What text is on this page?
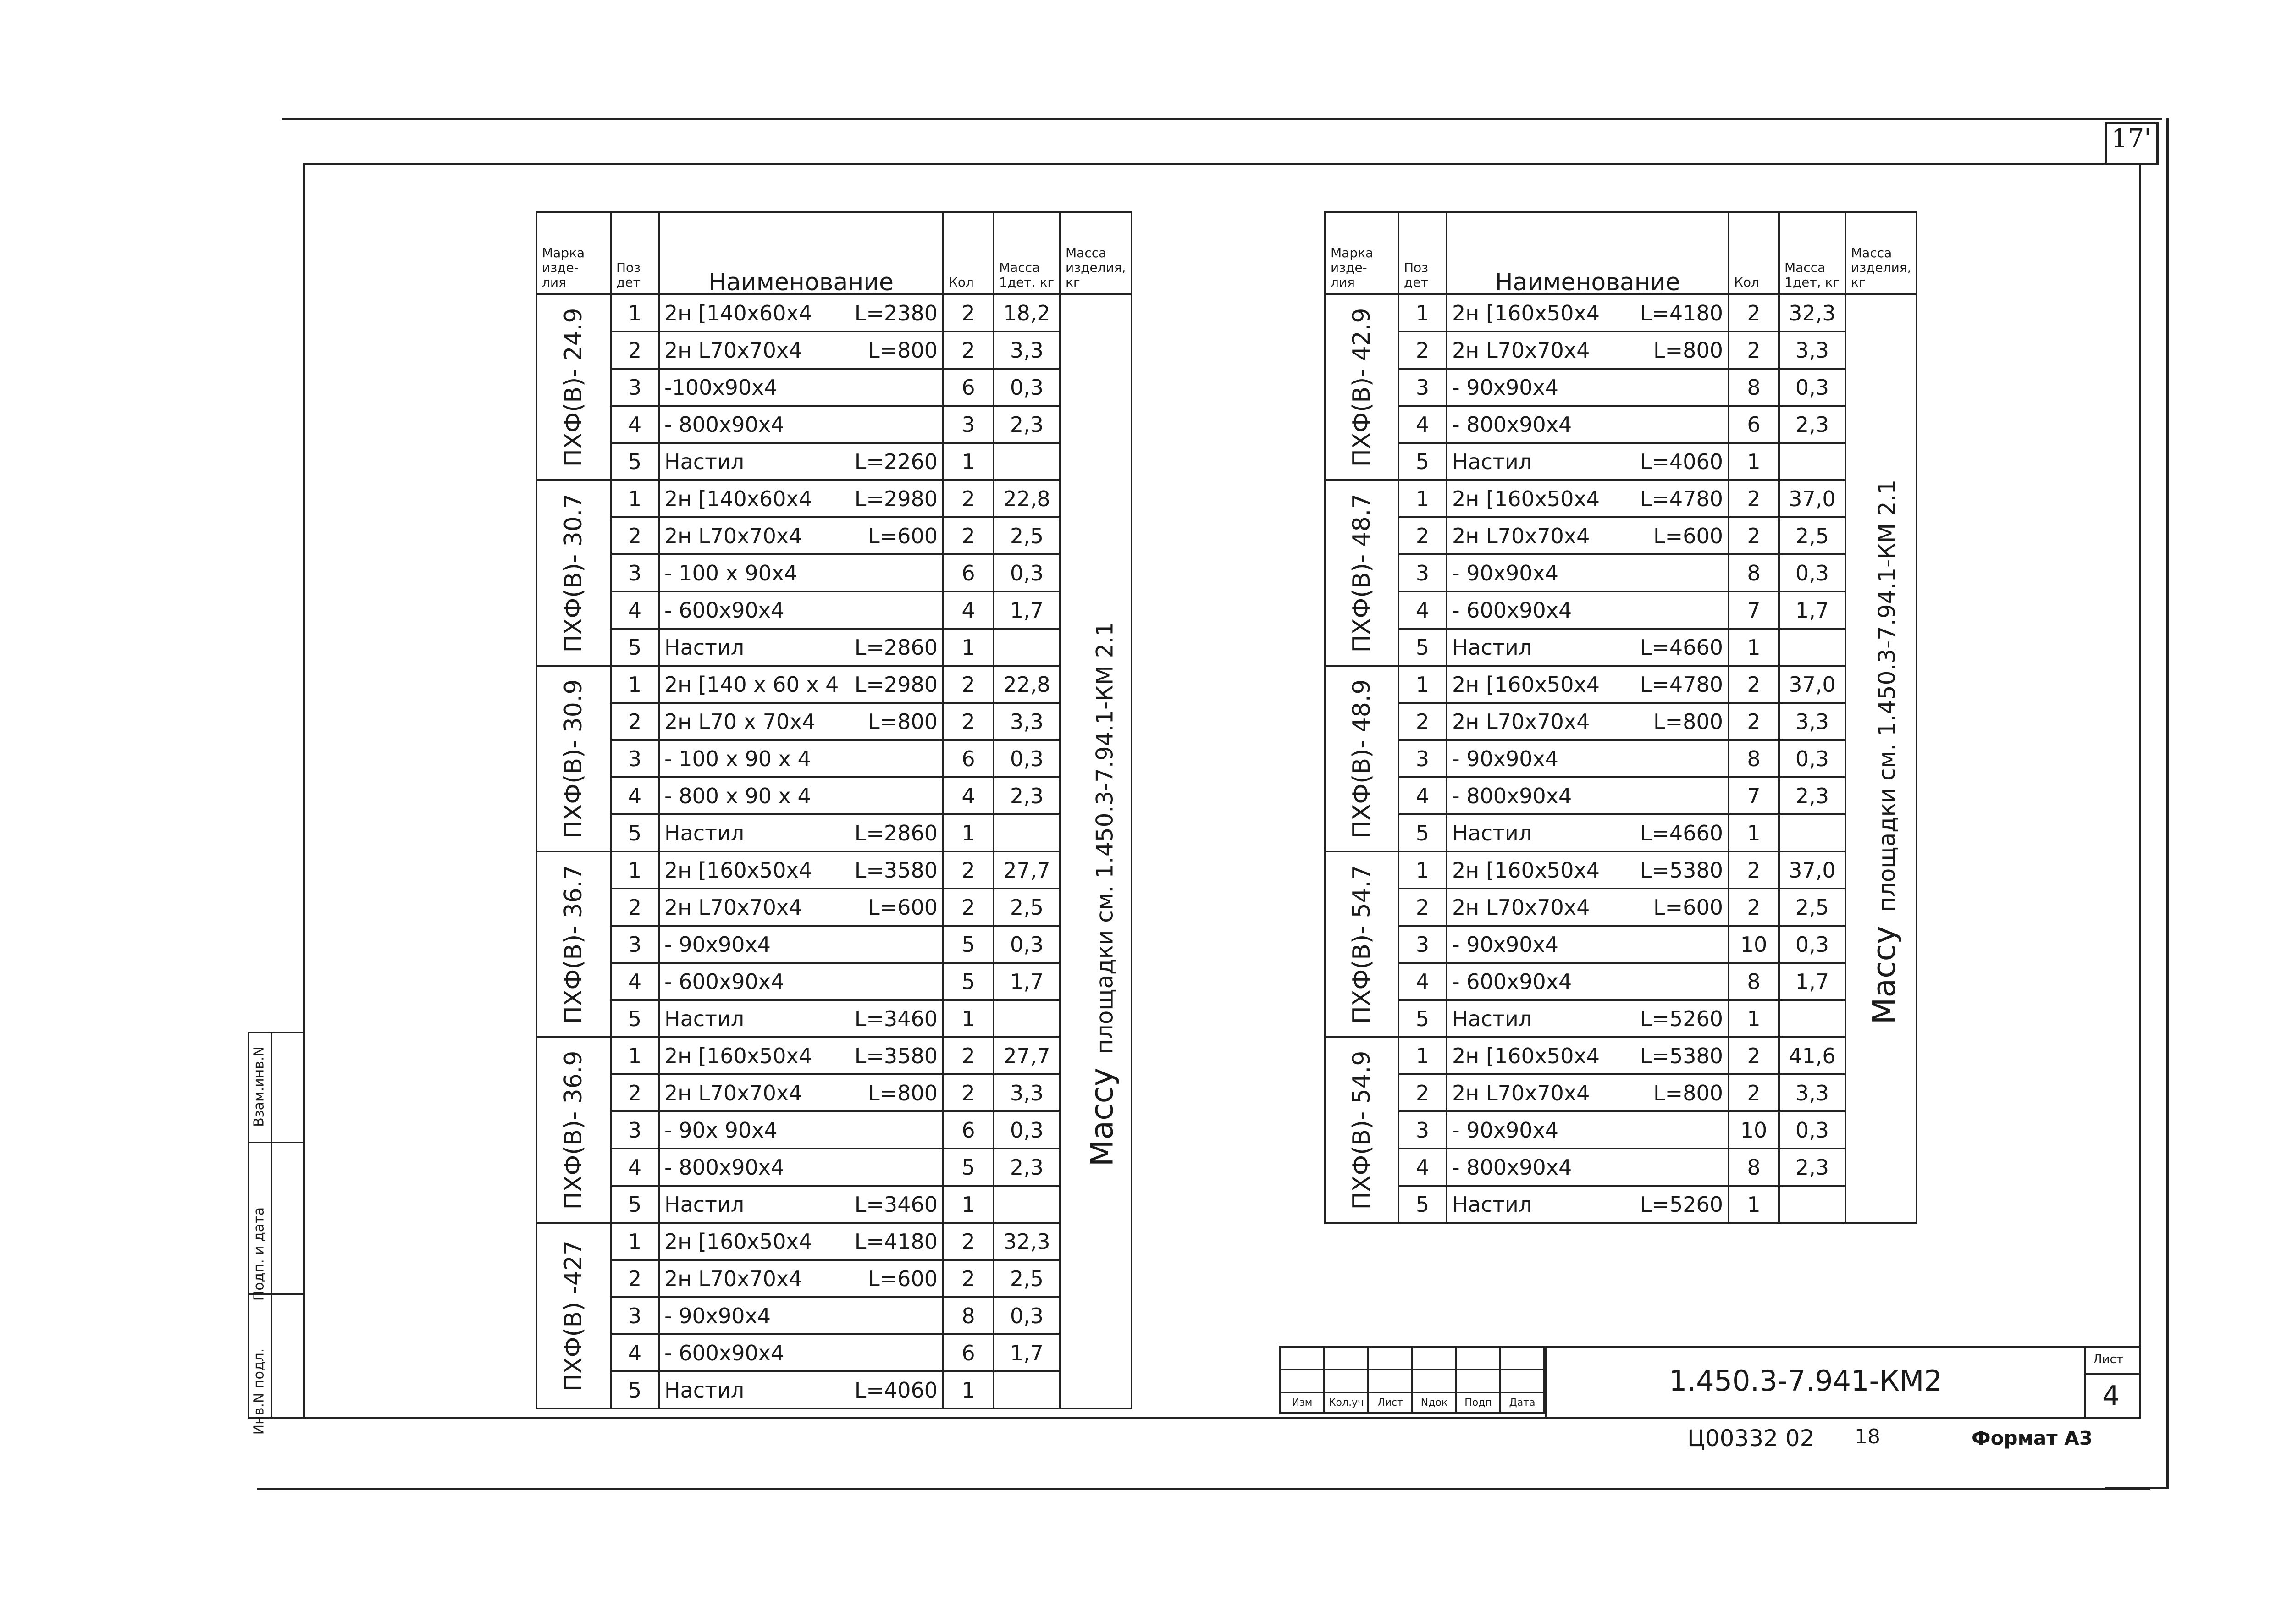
17'
Марка изде- лия	Поз дет	Наименование	Кол	Масса 1дет, кг	Масса изделия, кг

ПХФ(В)- 24.9	1	2н [140х60х4 L=2380	2	18,2	
	2	2н L70х70х4 L=800	2	3,3	
	3	-100х90х4	6	0,3	
	4	- 800х90х4	3	2,3	
	5	Настил L=2260	1		

ПХФ(В)- 30.7	1	2н [140х60х4 L=2980	2	22,8	
	2	2н L70х70х4 L=600	2	2,5	
	3	- 100 х 90х4	6	0,3	
	4	- 600х90х4	4	1,7	
	5	Настил L=2860	1		

ПХФ(В)- 30.9	1	2н [140 х 60 х 4 L=2980	2	22,8	
	2	2н L70 х 70х4 L=800	2	3,3	
	3	- 100 х 90 х 4	6	0,3	
	4	- 800 х 90 х 4	4	2,3	
	5	Настил L=2860	1		

ПХФ(В)- 36.7	1	2н [160х50х4 L=3580	2	27,7	
	2	2н L70х70х4 L=600	2	2,5	
	3	- 90х90х4	5	0,3	
	4	- 600х90х4	5	1,7	
	5	Настил L=3460	1		

ПХФ(В)- 36.9	1	2н [160х50х4 L=3580	2	27,7	
	2	2н L70х70х4 L=800	2	3,3	
	3	- 90х 90х4	6	0,3	
	4	- 800х90х4	5	2,3	
	5	Настил L=3460	1		

ПХФ(В) -427	1	2н [160х50х4 L=4180	2	32,3	
	2	2н L70х70х4 L=600	2	2,5	
	3	- 90х90х4	8	0,3	
	4	- 600х90х4	6	1,7	
	5	Настил L=4060	1		
Массуплощадки см. 1.450.3-7.94.1-КМ 2.1
Марка изде- лия	Поз дет	Наименование	Кол	Масса 1дет, кг	Масса изделия, кг

ПХФ(В)- 42.9	1	2н [160х50х4 L=4180	2	32,3	
	2	2н L70х70х4 L=800	2	3,3	
	3	- 90х90х4	8	0,3	
	4	- 800х90х4	6	2,3	
	5	Настил L=4060	1		

ПХФ(В)- 48.7	1	2н [160х50х4 L=4780	2	37,0	
	2	2н L70х70х4 L=600	2	2,5	
	3	- 90х90х4	8	0,3	
	4	- 600х90х4	7	1,7	
	5	Настил L=4660	1		

ПХФ(В)- 48.9	1	2н [160х50х4 L=4780	2	37,0	
	2	2н L70х70х4 L=800	2	3,3	
	3	- 90х90х4	8	0,3	
	4	- 800х90х4	7	2,3	
	5	Настил L=4660	1		

ПХФ(В)- 54.7	1	2н [160х50х4 L=5380	2	37,0	
	2	2н L70х70х4 L=600	2	2,5	
	3	- 90х90х4	10	0,3	
	4	- 600х90х4	8	1,7	
	5	Настил L=5260	1		

ПХФ(В)- 54.9	1	2н [160х50х4 L=5380	2	41,6	
	2	2н L70х70х4 L=800	2	3,3	
	3	- 90х90х4	10	0,3	
	4	- 800х90х4	8	2,3	
	5	Настил L=5260	1		
Массуплощадки см. 1.450.3-7.94.1-КМ 2.1

Взам.инв.N
Подп. и дата
Инв.N подл.

						Изм	Кол.уч	Лист	Nдок	Подп	Дата
1.450.3-7.941-КМ2
Лист
4
Ц00332 02 18	Формат А3
